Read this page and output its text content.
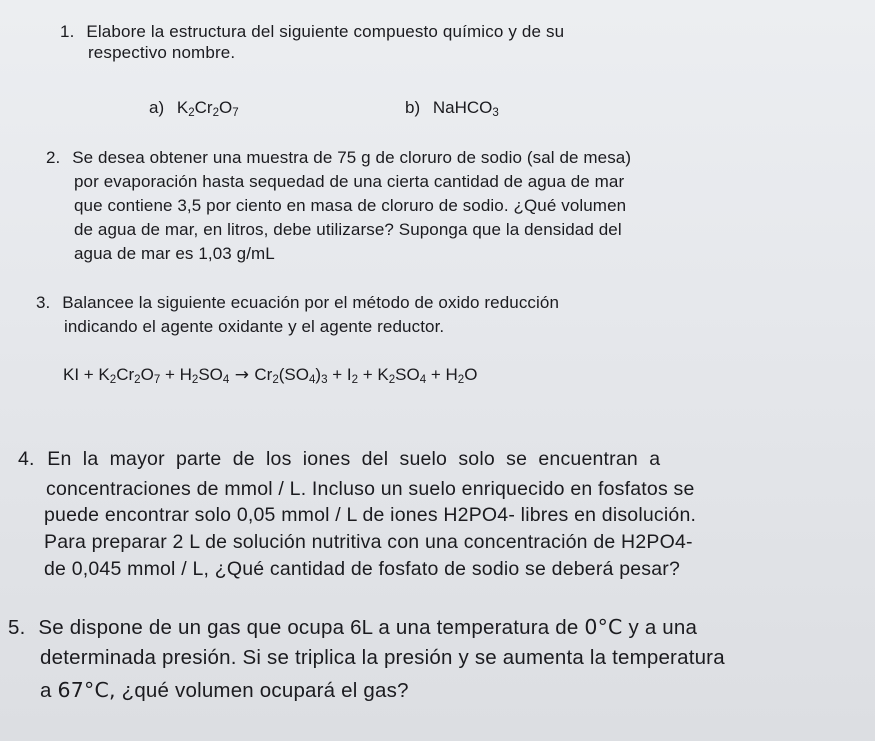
1. Elabore la estructura del siguiente compuesto químico y de su
respectivo nombre.
a) $K_2Cr_2O_7$	b) NaHCO$_3$
2. Se desea obtener una muestra de 75 g de cloruro de sodio (sal de mesa)
por evaporación hasta sequedad de una cierta cantidad de agua de mar
que contiene 3,5 por ciento en masa de cloruro de sodio. ¿Qué volumen
de agua de mar, en litros, debe utilizarse? Suponga que la densidad del
agua de mar es 1,03 g/mL
3. Balancee la siguiente ecuación por el método de oxido reducción
indicando el agente oxidante y el agente reductor.
KI + $K_2Cr_2O_7 + H_2SO_4 \to Cr_2(SO_4)_3 + I_2 + K_2SO_4 + H_2O$
4. En  la  mayor  parte  de  los  iones  del  suelo  solo  se  encuentran  a
concentraciones de mmol / L. Incluso un suelo enriquecido en fosfatos se
puede encontrar solo 0,05 mmol / L de iones H2PO4- libres en disolución.
Para preparar 2 L de solución nutritiva con una concentración de H2PO4-
de 0,045 mmol / L, ¿Qué cantidad de fosfato de sodio se deberá pesar?
5. Se dispone de un gas que ocupa 6L a una temperatura de 0°C y a una
determinada presión. Si se triplica la presión y se aumenta la temperatura
a 67°C, ¿qué volumen ocupará el gas?
